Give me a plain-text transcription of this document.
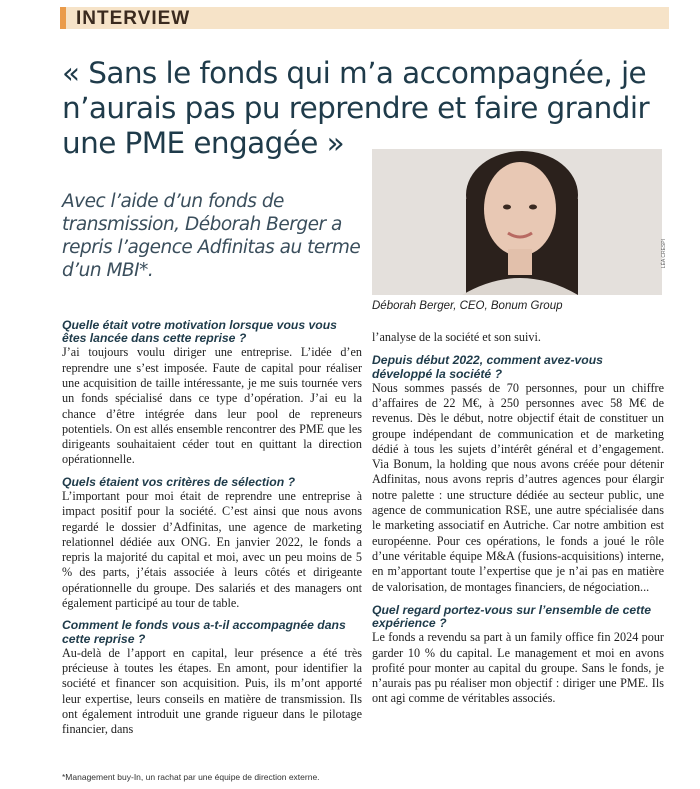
INTERVIEW
« Sans le fonds qui m’a accompagnée, je n’aurais pas pu reprendre et faire grandir une PME engagée »

Avec l’aide d’un fonds de transmission, Déborah Berger a repris l’agence Adfinitas au terme d’un MBI*.

LÉA CRESPI
Déborah Berger, CEO, Bonum Group

Quelle était votre motivation lorsque vous vous êtes lancée dans cette reprise ?

J’ai toujours voulu diriger une entreprise. L’idée d’en reprendre une s’est imposée. Faute de capital pour réaliser une acquisition de taille intéressante, je me suis tournée vers un fonds spécialisé dans ce type d’opération. J’ai eu la chance d’être intégrée dans leur pool de repreneurs potentiels. On est allés ensemble rencontrer des PME que les dirigeants souhaitaient céder tout en quittant la direction opérationnelle.

Quels étaient vos critères de sélection ?

L’important pour moi était de reprendre une entreprise à impact positif pour la société. C’est ainsi que nous avons regardé le dossier d’Adfinitas, une agence de marketing relationnel dédiée aux ONG. En janvier 2022, le fonds a repris la majorité du capital et moi, avec un peu moins de 5 % des parts, j’étais associée à leurs côtés et dirigeante opérationnelle du groupe. Des salariés et des managers ont également participé au tour de table.

Comment le fonds vous a-t-il accompagnée dans cette reprise ?

Au-delà de l’apport en capital, leur présence a été très précieuse à toutes les étapes. En amont, pour identifier la société et financer son acquisition. Puis, ils m’ont apporté leur expertise, leurs conseils en matière de transmission. Ils ont également introduit une grande rigueur dans le pilotage financier, dans

l’analyse de la société et son suivi.

Depuis début 2022, comment avez-vous développé la société ?

Nous sommes passés de 70 personnes, pour un chiffre d’affaires de 22 M€, à 250 personnes avec 58 M€ de revenus. Dès le début, notre objectif était de constituer un groupe indépendant de communication et de marketing dédié à tous les sujets d’intérêt général et d’engagement. Via Bonum, la holding que nous avons créée pour détenir Adfinitas, nous avons repris d’autres agences pour élargir notre palette : une structure dédiée au secteur public, une agence de communication RSE, une autre spécialisée dans le marketing associatif en Autriche. Car notre ambition est européenne. Pour ces opérations, le fonds a joué le rôle d’une véritable équipe M&A (fusions-acquisitions) interne, en m’apportant toute l’expertise que je n’ai pas en matière de valorisation, de montages financiers, de négociation...

Quel regard portez-vous sur l’ensemble de cette expérience ?

Le fonds a revendu sa part à un family office fin 2024 pour garder 10 % du capital. Le management et moi en avons profité pour monter au capital du groupe. Sans le fonds, je n’aurais pas pu réaliser mon objectif : diriger une PME. Ils ont agi comme de véritables associés.

*Management buy-In, un rachat par une équipe de direction externe.
